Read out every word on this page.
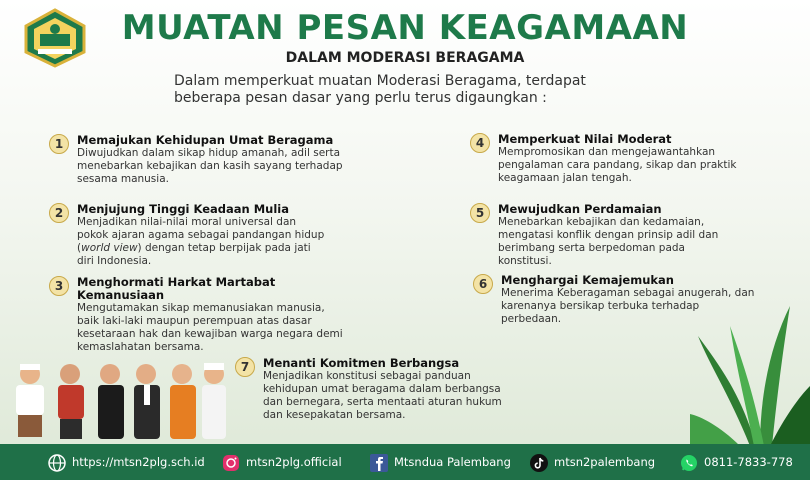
MUATAN PESAN KEAGAMAAN
DALAM MODERASI BERAGAMA
Dalam memperkuat muatan Moderasi Beragama, terdapat beberapa pesan dasar yang perlu terus digaungkan :
1	Memajukan Kehidupan Umat Beragama
Diwujudkan dalam sikap hidup amanah, adil serta menebarkan kebajikan dan kasih sayang terhadap sesama manusia.
2	Menjujung Tinggi Keadaan Mulia
Menjadikan nilai-nilai moral universal dan pokok ajaran agama sebagai pandangan hidup (world view) dengan tetap berpijak pada jati diri Indonesia.
3	Menghormati Harkat Martabat Kemanusiaan
Mengutamakan sikap memanusiakan manusia, baik laki-laki maupun perempuan atas dasar kesetaraan hak dan kewajiban warga negara demi kemaslahatan bersama.
4	Memperkuat Nilai Moderat
Mempromosikan dan mengejawantahkan pengalaman cara pandang, sikap dan praktik keagamaan jalan tengah.
5	Mewujudkan Perdamaian
Menebarkan kebajikan dan kedamaian, mengatasi konflik dengan prinsip adil dan berimbang serta berpedoman pada konstitusi.
6	Menghargai Kemajemukan
Menerima Keberagaman sebagai anugerah, dan karenanya bersikap terbuka terhadap perbedaan.
7	Menanti Komitmen Berbangsa
Menjadikan konstitusi sebagai panduan kehidupan umat beragama dalam berbangsa dan bernegara, serta mentaati aturan hukum dan kesepakatan bersama.
https://mtsn2plg.sch.id	mtsn2plg.official	Mtsndua Palembang	mtsn2palembang	0811-7833-778
